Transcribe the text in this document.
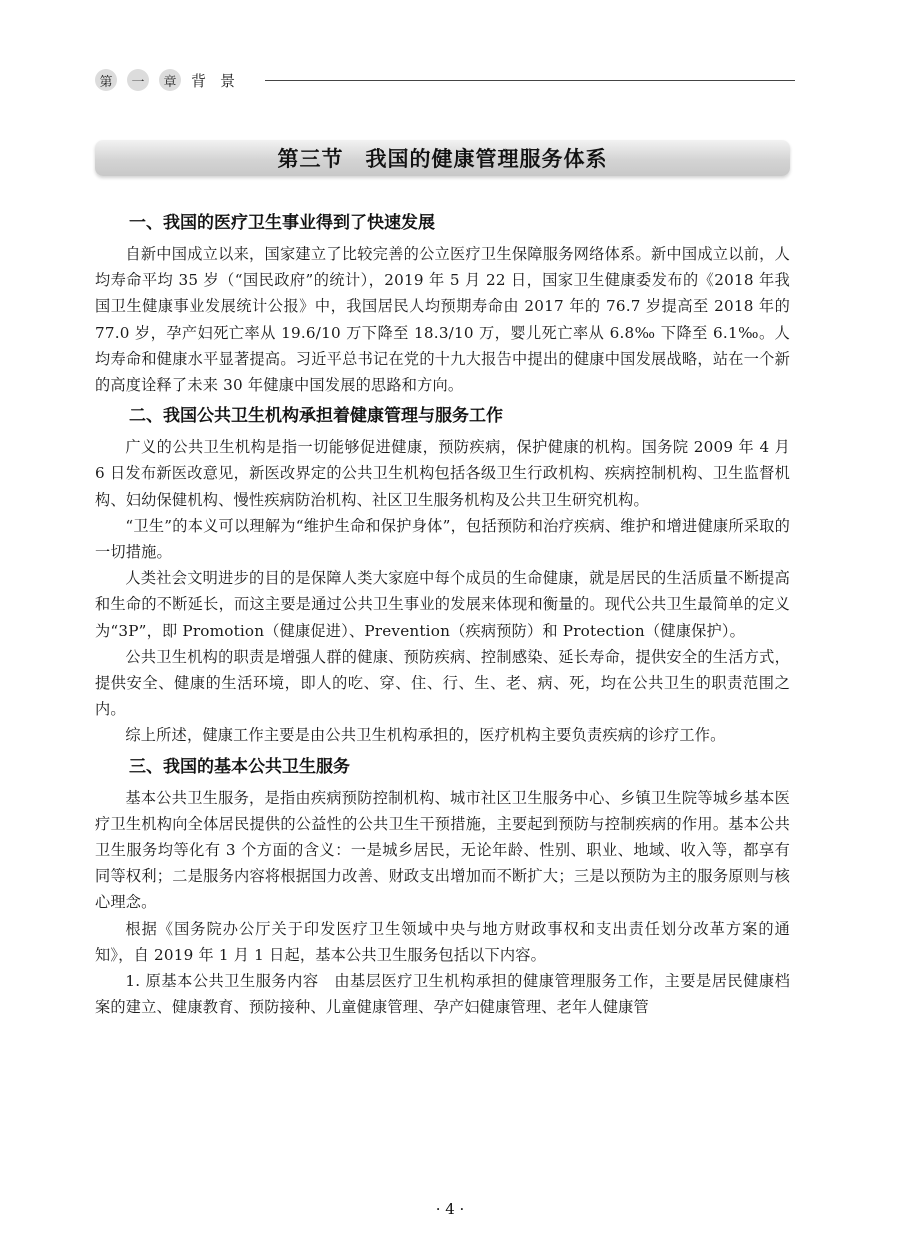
第	一	章 背 景
第三节　我国的健康管理服务体系
一、我国的医疗卫生事业得到了快速发展

自新中国成立以来，国家建立了比较完善的公立医疗卫生保障服务网络体系。新中国成立以前，人均寿命平均 35 岁（“国民政府”的统计），2019 年 5 月 22 日，国家卫生健康委发布的《2018 年我国卫生健康事业发展统计公报》中，我国居民人均预期寿命由 2017 年的 76.7 岁提高至 2018 年的 77.0 岁，孕产妇死亡率从 19.6/10 万下降至 18.3/10 万，婴儿死亡率从 6.8‰ 下降至 6.1‰。人均寿命和健康水平显著提高。习近平总书记在党的十九大报告中提出的健康中国发展战略，站在一个新的高度诠释了未来 30 年健康中国发展的思路和方向。

二、我国公共卫生机构承担着健康管理与服务工作

广义的公共卫生机构是指一切能够促进健康，预防疾病，保护健康的机构。国务院 2009 年 4 月 6 日发布新医改意见，新医改界定的公共卫生机构包括各级卫生行政机构、疾病控制机构、卫生监督机构、妇幼保健机构、慢性疾病防治机构、社区卫生服务机构及公共卫生研究机构。

“卫生”的本义可以理解为“维护生命和保护身体”，包括预防和治疗疾病、维护和增进健康所采取的一切措施。

人类社会文明进步的目的是保障人类大家庭中每个成员的生命健康，就是居民的生活质量不断提高和生命的不断延长，而这主要是通过公共卫生事业的发展来体现和衡量的。现代公共卫生最简单的定义为“3P”，即 Promotion（健康促进）、Prevention（疾病预防）和 Protection（健康保护）。

公共卫生机构的职责是增强人群的健康、预防疾病、控制感染、延长寿命，提供安全的生活方式，提供安全、健康的生活环境，即人的吃、穿、住、行、生、老、病、死，均在公共卫生的职责范围之内。

综上所述，健康工作主要是由公共卫生机构承担的，医疗机构主要负责疾病的诊疗工作。

三、我国的基本公共卫生服务

基本公共卫生服务，是指由疾病预防控制机构、城市社区卫生服务中心、乡镇卫生院等城乡基本医疗卫生机构向全体居民提供的公益性的公共卫生干预措施，主要起到预防与控制疾病的作用。基本公共卫生服务均等化有 3 个方面的含义：一是城乡居民，无论年龄、性别、职业、地域、收入等，都享有同等权利；二是服务内容将根据国力改善、财政支出增加而不断扩大；三是以预防为主的服务原则与核心理念。

根据《国务院办公厅关于印发医疗卫生领域中央与地方财政事权和支出责任划分改革方案的通知》，自 2019 年 1 月 1 日起，基本公共卫生服务包括以下内容。

1. 原基本公共卫生服务内容　由基层医疗卫生机构承担的健康管理服务工作，主要是居民健康档案的建立、健康教育、预防接种、儿童健康管理、孕产妇健康管理、老年人健康管

· 4 ·
